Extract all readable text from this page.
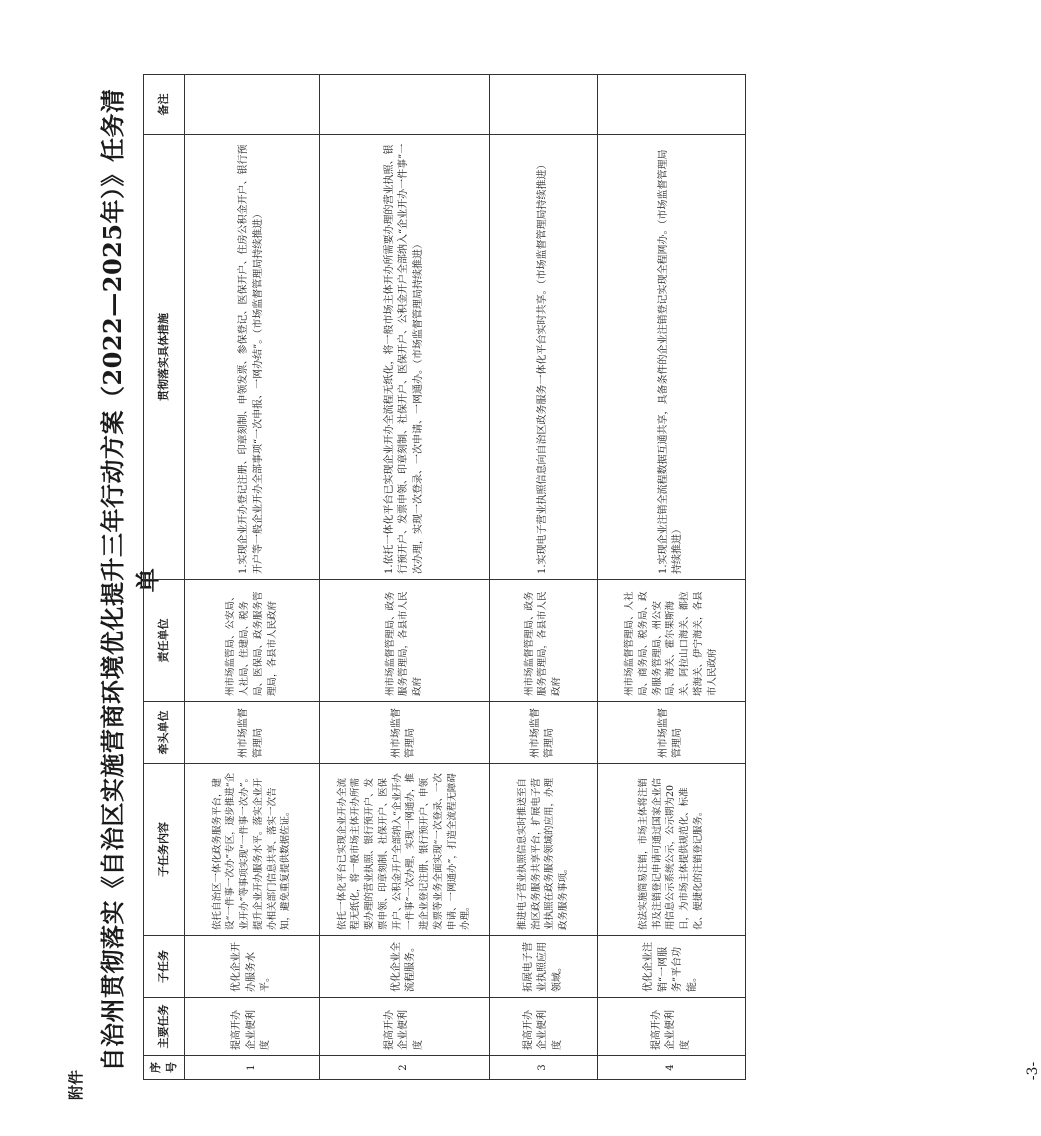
附件
自治州贯彻落实《自治区实施营商环境优化提升三年行动方案（2022—2025年）》任务清单
序号	主要任务	子任务	子任务内容	牵头单位	责任单位	贯彻落实具体措施	备注
1	提高开办企业便利度	优化企业开办服务水平。	依托自治区一体化政务服务平台，建设“一件事一次办”专区，逐步推进“企业开办”等事项实现“一件事一次办”。提升企业开办服务水平。落实企业开办相关部门信息共享、落实一次告知，避免重复提供数据佐证。	州市场监督管理局	州市场监管局、公安局、人社局、住建局、税务局、医保局、政务服务管理局，各县市人民政府	1.实现企业开办登记注册、印章刻制、申领发票、参保登记、医保开户、住房公积金开户、银行预开户等一般企业开办全部事项“一次申报、一网办结”。（市场监督管理局持续推进）	
2	提高开办企业便利度	优化企业全流程服务。	依托一体化平台已实现企业开办全流程无纸化，将一般市场主体开办所需要办理的营业执照、银行预开户、发票申领、印章刻制、社保开户、医保开户、公积金开户全部纳入“企业开办一件事”一次办理，实现一网通办，推进企业登记注册、银行预开户、申领发票等业务全面实现“一次登录、一次申请、一网通办”，打造全流程无障碍办理。	州市场监督管理局	州市场监督管理局、政务服务管理局，各县市人民政府	1.依托一体化平台已实现企业开办全流程无纸化，将一般市场主体开办所需要办理的营业执照、银行预开户、发票申领、印章刻制、社保开户、医保开户、公积金开户全部纳入“企业开办一件事”一次办理，实现一次登录、一次申请、一网通办。（市场监督管理局持续推进）	
3	提高开办企业便利度	拓展电子营业执照应用领域。	推进电子营业执照信息实时推送至自治区政务服务共享平台，扩展电子营业执照在政务服务领域的应用，办理政务服务事项。	州市场监督管理局	州市场监督管理局、政务服务管理局，各县市人民政府	1.实现电子营业执照信息向自治区政务服务一体化平台实时共享。（市场监督管理局持续推进）	
4	提高开办企业便利度	优化企业注销“一网服务”平台功能。	依法实施简易注销，市场主体将注销书及注销登记申请可通过国家企业信用信息公示系统公示，公示期为20日，为市场主体提供规范化、标准化、便捷化的注销登记服务。	州市场监督管理局	州市场监督管理局、人社局、商务局、税务局、政务服务管理局、州公安局、海关、霍尔果斯海关、阿拉山口海关、都拉塔海关、伊宁海关，各县市人民政府	1.实现企业注销全流程数据互通共享，具备条件的企业注销登记实现全程网办。（市场监督管理局持续推进）	
-3-
